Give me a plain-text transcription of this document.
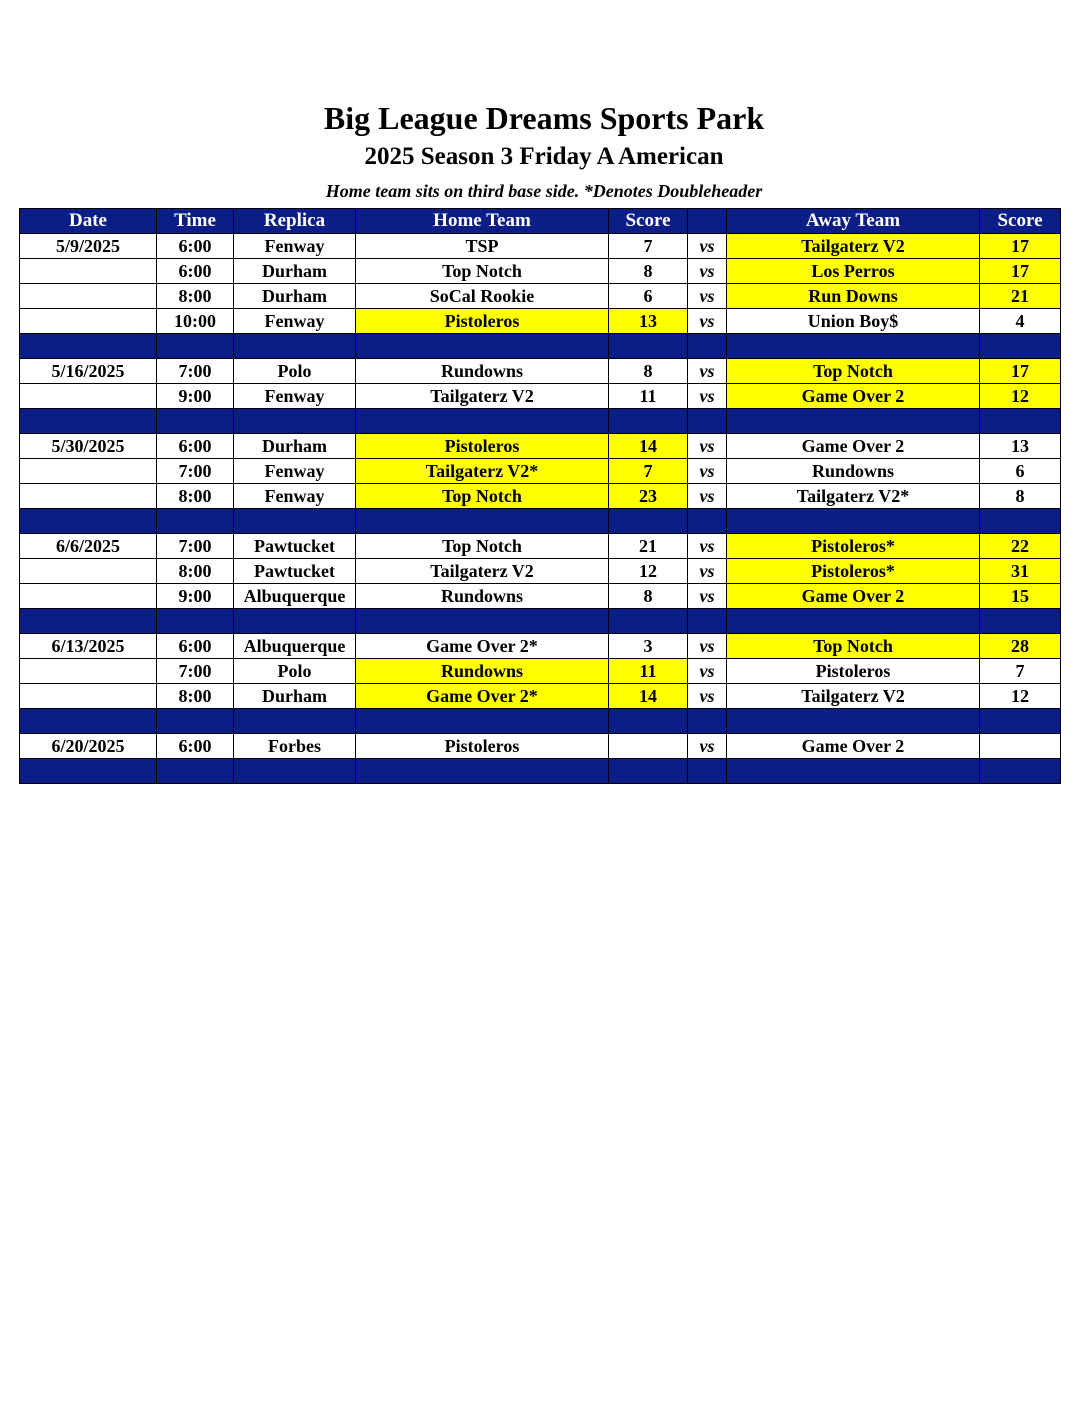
Big League Dreams Sports Park
2025 Season 3 Friday A American
Home team sits on third base side. *Denotes Doubleheader
Date	Time	Replica	Home Team	Score		Away Team	Score
5/9/2025	6:00	Fenway	TSP	7	vs	Tailgaterz V2	17
	6:00	Durham	Top Notch	8	vs	Los Perros	17
	8:00	Durham	SoCal Rookie	6	vs	Run Downs	21
	10:00	Fenway	Pistoleros	13	vs	Union Boy$	4

5/16/2025	7:00	Polo	Rundowns	8	vs	Top Notch	17
	9:00	Fenway	Tailgaterz V2	11	vs	Game Over 2	12

5/30/2025	6:00	Durham	Pistoleros	14	vs	Game Over 2	13
	7:00	Fenway	Tailgaterz V2*	7	vs	Rundowns	6
	8:00	Fenway	Top Notch	23	vs	Tailgaterz V2*	8

6/6/2025	7:00	Pawtucket	Top Notch	21	vs	Pistoleros*	22
	8:00	Pawtucket	Tailgaterz V2	12	vs	Pistoleros*	31
	9:00	Albuquerque	Rundowns	8	vs	Game Over 2	15

6/13/2025	6:00	Albuquerque	Game Over 2*	3	vs	Top Notch	28
	7:00	Polo	Rundowns	11	vs	Pistoleros	7
	8:00	Durham	Game Over 2*	14	vs	Tailgaterz V2	12

6/20/2025	6:00	Forbes	Pistoleros		vs	Game Over 2	
